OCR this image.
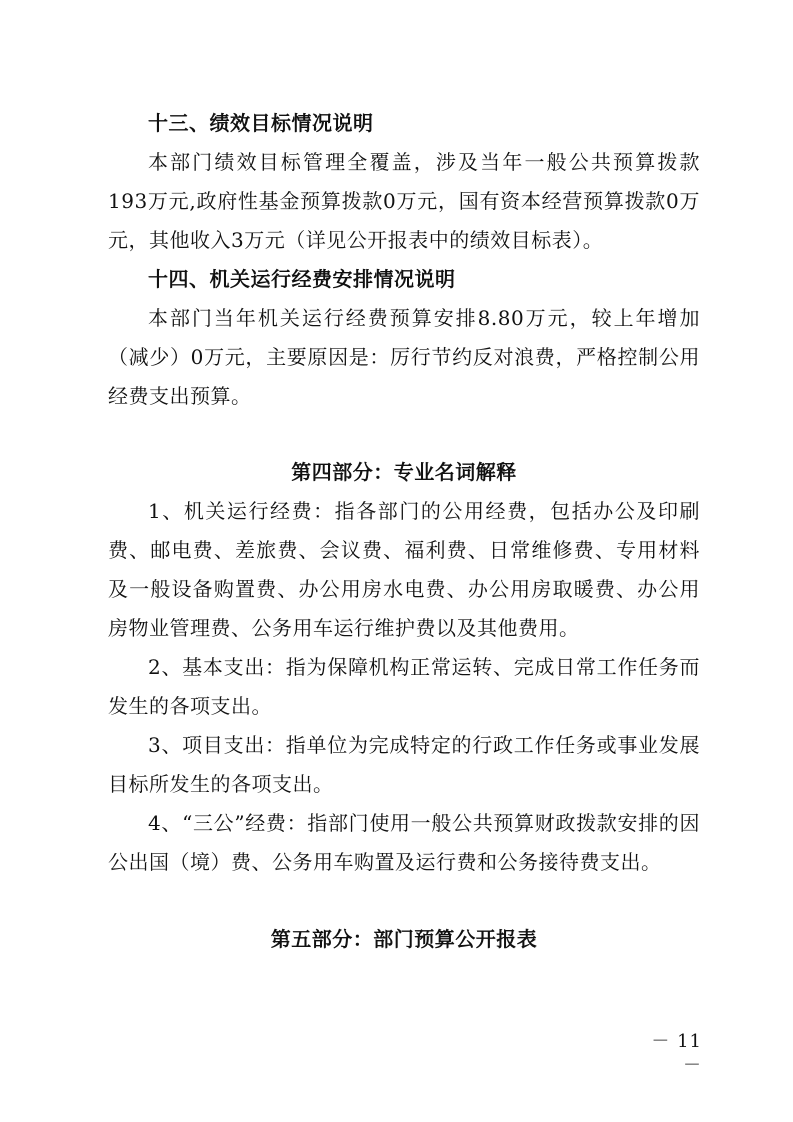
十三、绩效目标情况说明

本部门绩效目标管理全覆盖，涉及当年一般公共预算拨款193万元,政府性基金预算拨款0万元，国有资本经营预算拨款0万元，其他收入3万元（详见公开报表中的绩效目标表）。

十四、机关运行经费安排情况说明

本部门当年机关运行经费预算安排8.80万元，较上年增加（减少）0万元，主要原因是：厉行节约反对浪费，严格控制公用经费支出预算。

第四部分：专业名词解释

1、机关运行经费：指各部门的公用经费，包括办公及印刷费、邮电费、差旅费、会议费、福利费、日常维修费、专用材料及一般设备购置费、办公用房水电费、办公用房取暖费、办公用房物业管理费、公务用车运行维护费以及其他费用。

2、基本支出：指为保障机构正常运转、完成日常工作任务而发生的各项支出。

3、项目支出：指单位为完成特定的行政工作任务或事业发展目标所发生的各项支出。

4、“三公”经费：指部门使用一般公共预算财政拨款安排的因公出国（境）费、公务用车购置及运行费和公务接待费支出。

第五部分：部门预算公开报表

－ 11 －
